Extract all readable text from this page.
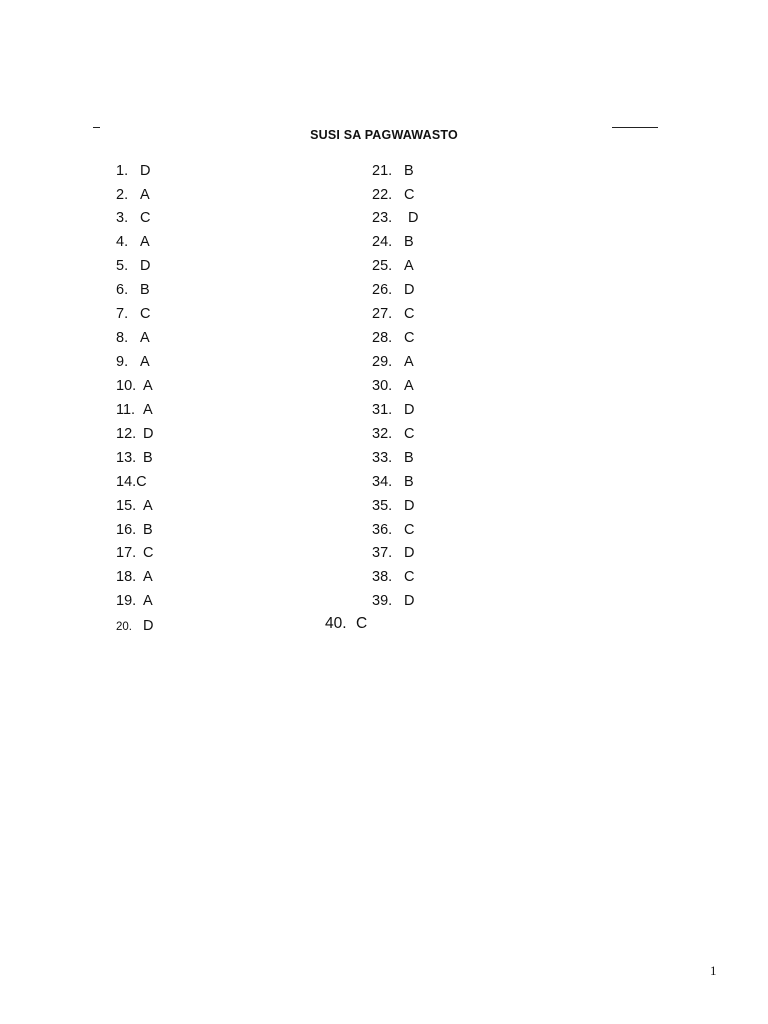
SUSI SA PAGWAWASTO
1. D
2. A
3. C
4. A
5. D
6. B
7. C
8. A
9. A
10. A
11. A
12. D
13. B
14.C
15. A
16. B
17. C
18. A
19. A
20. D
21. B
22. C
23. D
24. B
25. A
26. D
27. C
28. C
29. A
30. A
31. D
32. C
33. B
34. B
35. D
36. C
37. D
38. C
39. D
40. C
1
